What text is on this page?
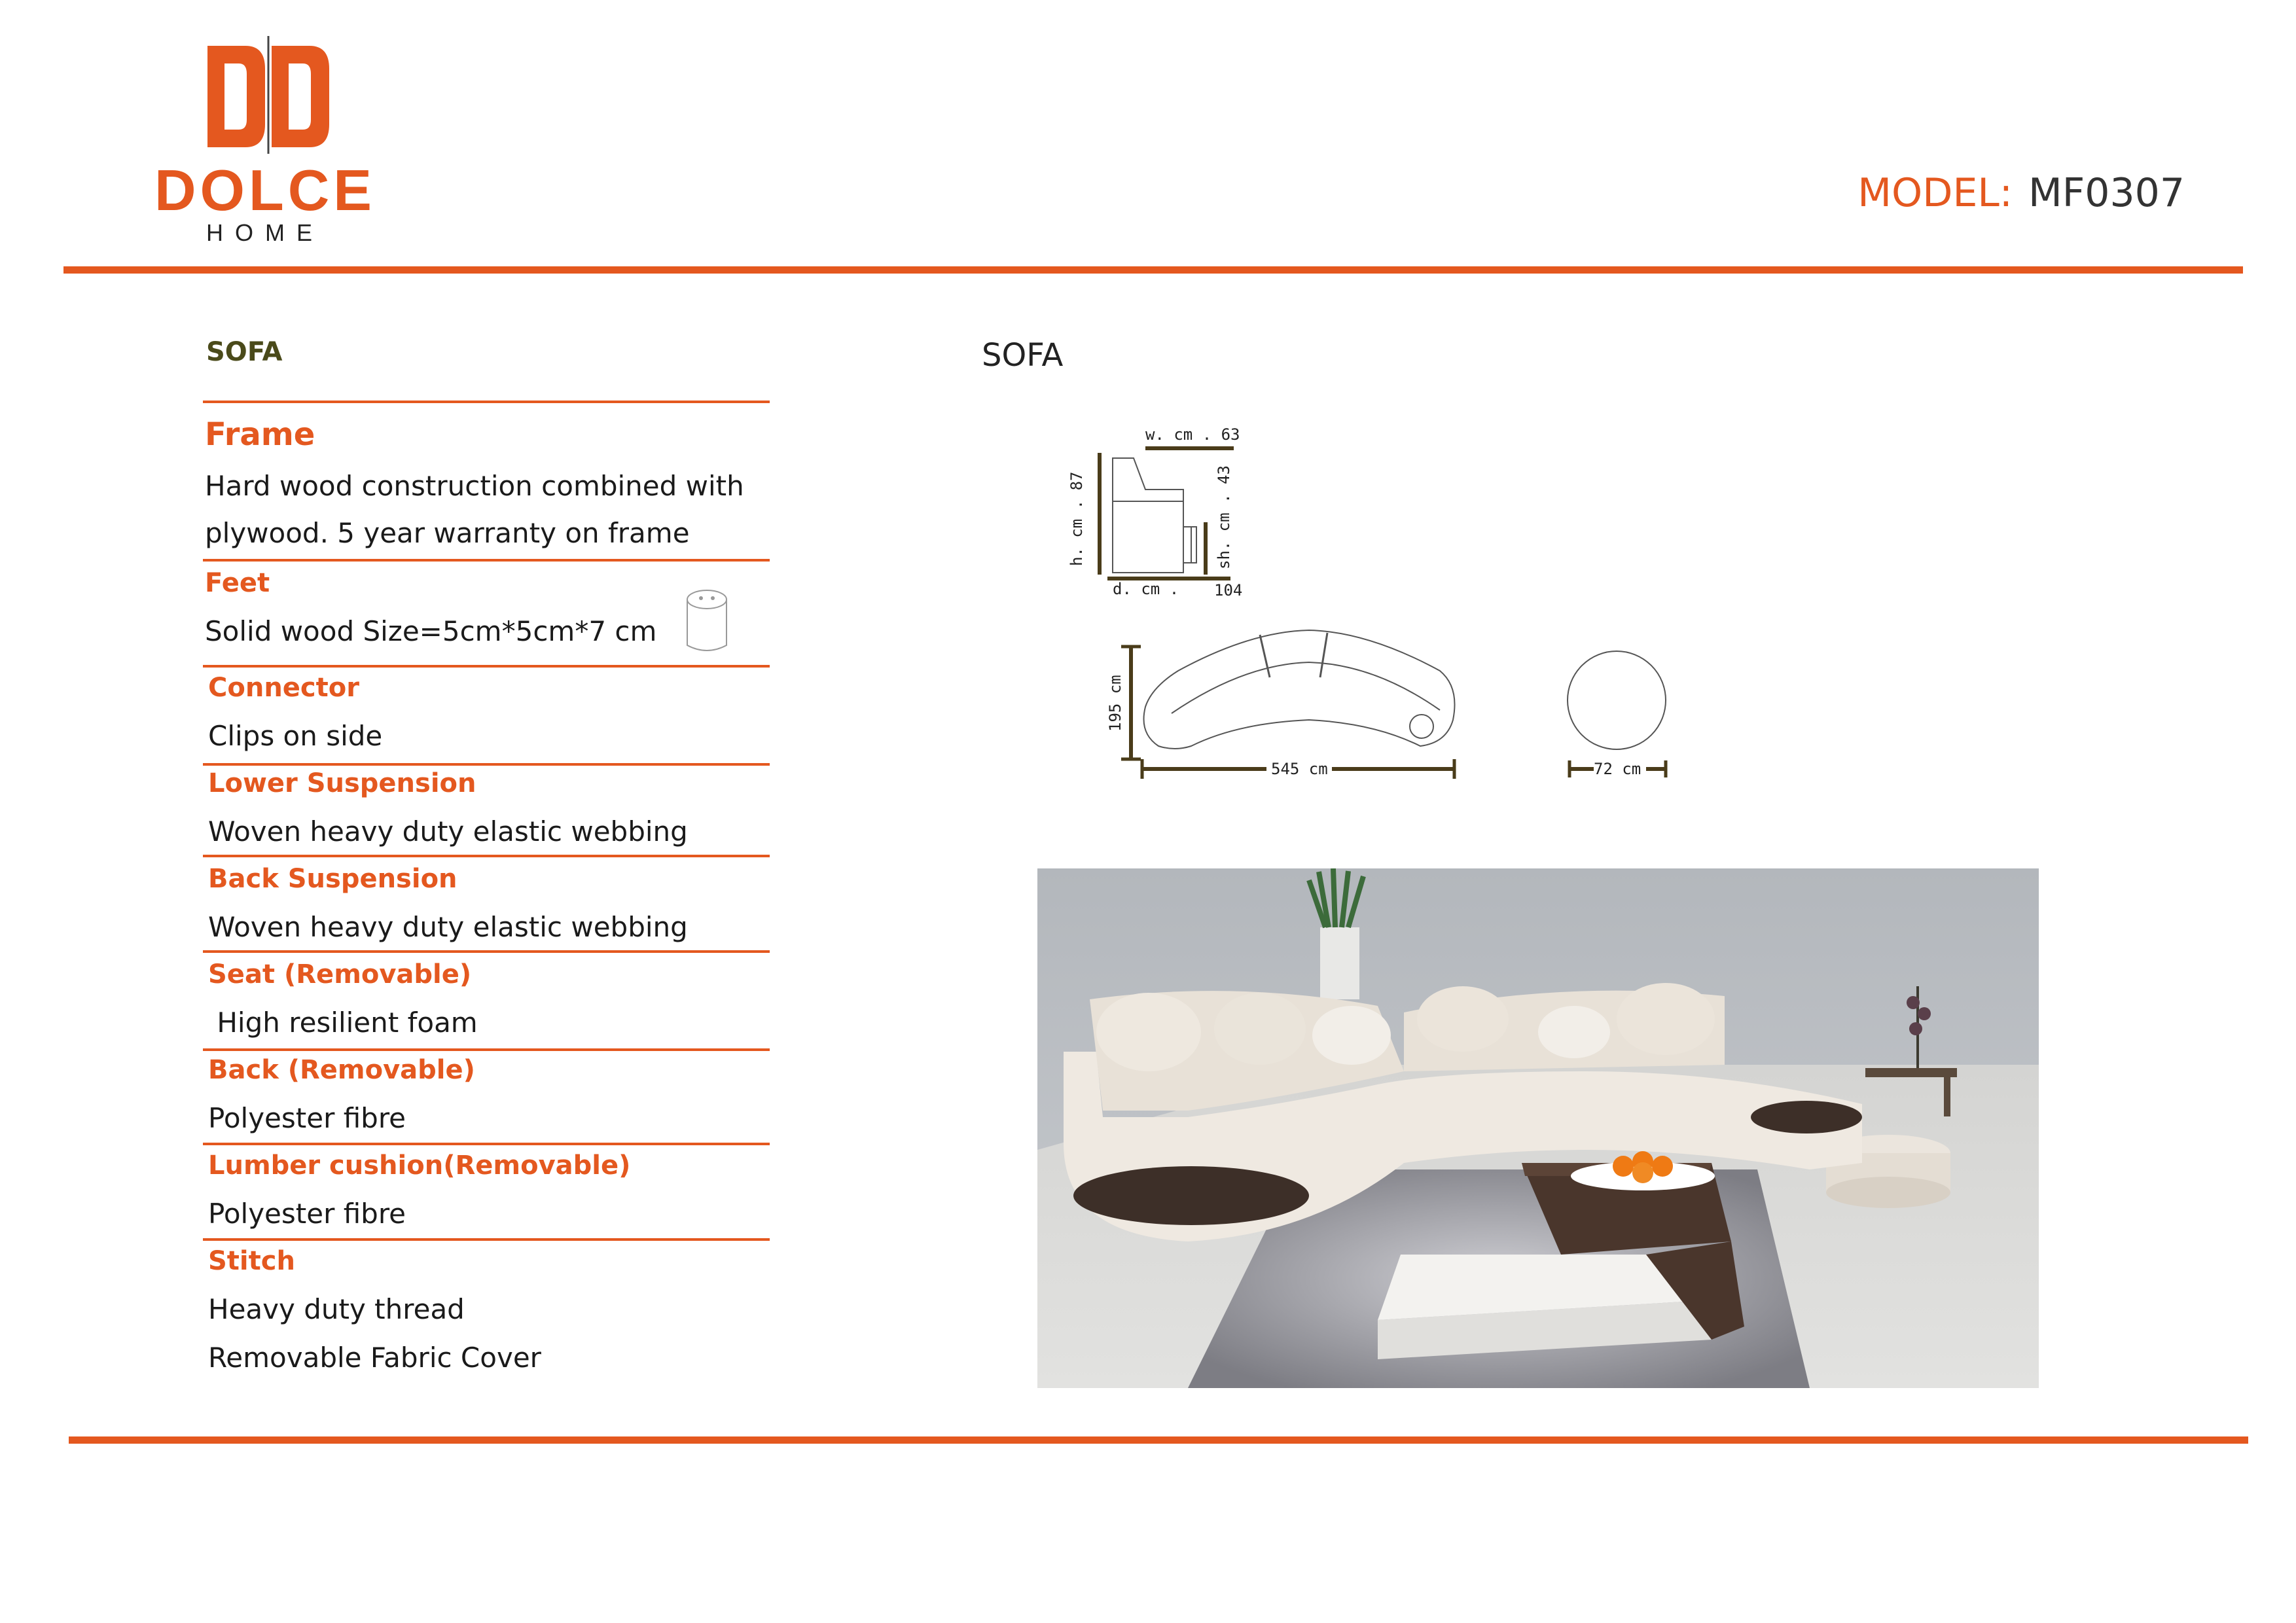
DOLCE
HOME
MODEL: MF0307
SOFA
Frame
Hard wood construction combined with
plywood. 5 year warranty on frame
Feet
Solid wood Size=5cm*5cm*7 cm
Connector
Clips on side
Lower Suspension
Woven heavy duty elastic webbing
Back Suspension
Woven heavy duty elastic webbing
Seat (Removable)
High resilient foam
Back (Removable)
Polyester fibre
Lumber cushion(Removable)
Polyester fibre
Stitch
Heavy duty thread
Removable Fabric Cover
SOFA
w. cm . 63
h. cm . 87	sh. cm . 43
d. cm . 104
195 cm
545 cm	72 cm
